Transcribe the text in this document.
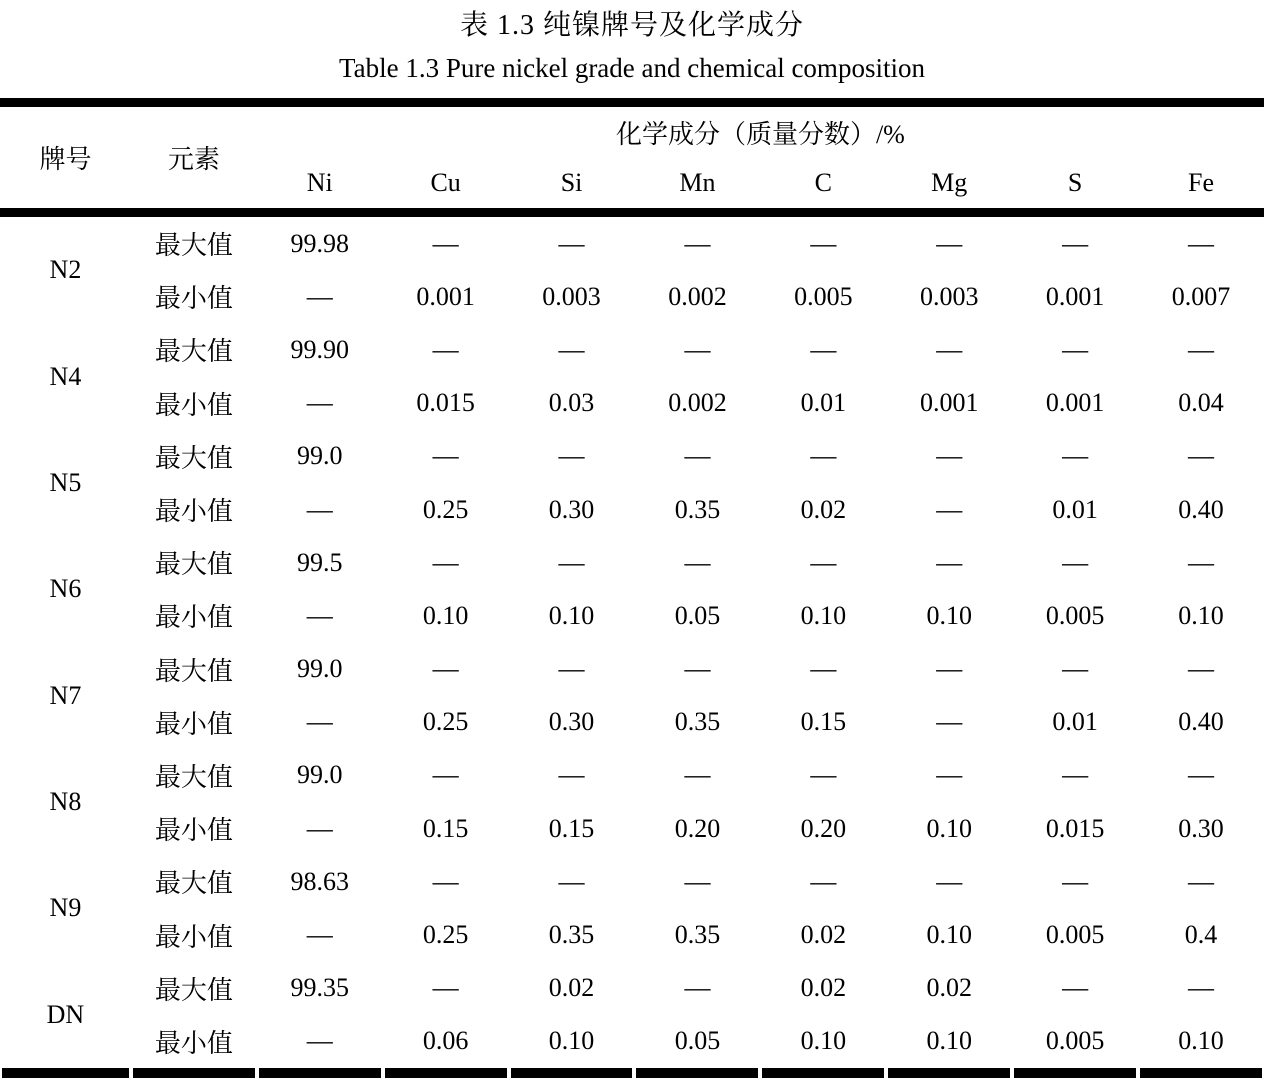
表 1.3 纯镍牌号及化学成分
Table 1.3 Pure nickel grade and chemical composition
牌号	元素
化学成分（质量分数）/%
Ni	Cu	Si	Mn	C	Mg	S	Fe
N2
最大值	99.98	—	—	—	—	—	—	—
最小值	—	0.001	0.003	0.002	0.005	0.003	0.001	0.007
N4
最大值	99.90	—	—	—	—	—	—	—
最小值	—	0.015	0.03	0.002	0.01	0.001	0.001	0.04
N5
最大值	99.0	—	—	—	—	—	—	—
最小值	—	0.25	0.30	0.35	0.02	—	0.01	0.40
N6
最大值	99.5	—	—	—	—	—	—	—
最小值	—	0.10	0.10	0.05	0.10	0.10	0.005	0.10
N7
最大值	99.0	—	—	—	—	—	—	—
最小值	—	0.25	0.30	0.35	0.15	—	0.01	0.40
N8
最大值	99.0	—	—	—	—	—	—	—
最小值	—	0.15	0.15	0.20	0.20	0.10	0.015	0.30
N9
最大值	98.63	—	—	—	—	—	—	—
最小值	—	0.25	0.35	0.35	0.02	0.10	0.005	0.4
DN
最大值	99.35	—	0.02	—	0.02	0.02	—	—
最小值	—	0.06	0.10	0.05	0.10	0.10	0.005	0.10
